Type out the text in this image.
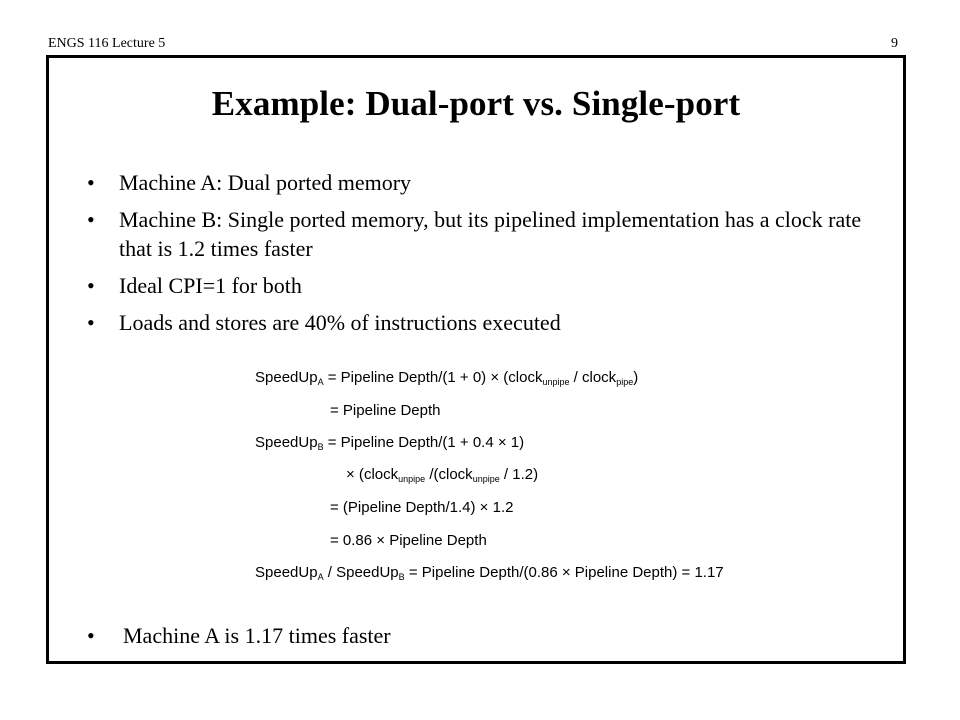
ENGS 116 Lecture 5	9
Example: Dual-port vs. Single-port
• Machine A: Dual ported memory
• Machine B: Single ported memory, but its pipelined implementation has a clock rate that is 1.2 times faster
• Ideal CPI=1 for both
• Loads and stores are 40% of instructions executed
SpeedUp$_A$ = Pipeline Depth/(1 + 0) × (clock$_{unpipe}$ / clock$_{pipe}$)
= Pipeline Depth
SpeedUp$_B$ = Pipeline Depth/(1 + 0.4 × 1)
× (clock$_{unpipe}$ /(clock$_{unpipe}$ / 1.2)
= (Pipeline Depth/1.4) × 1.2
= 0.86 × Pipeline Depth
SpeedUp$_A$ / SpeedUp$_B$ = Pipeline Depth/(0.86 × Pipeline Depth) = 1.17
• Machine A is 1.17 times faster
